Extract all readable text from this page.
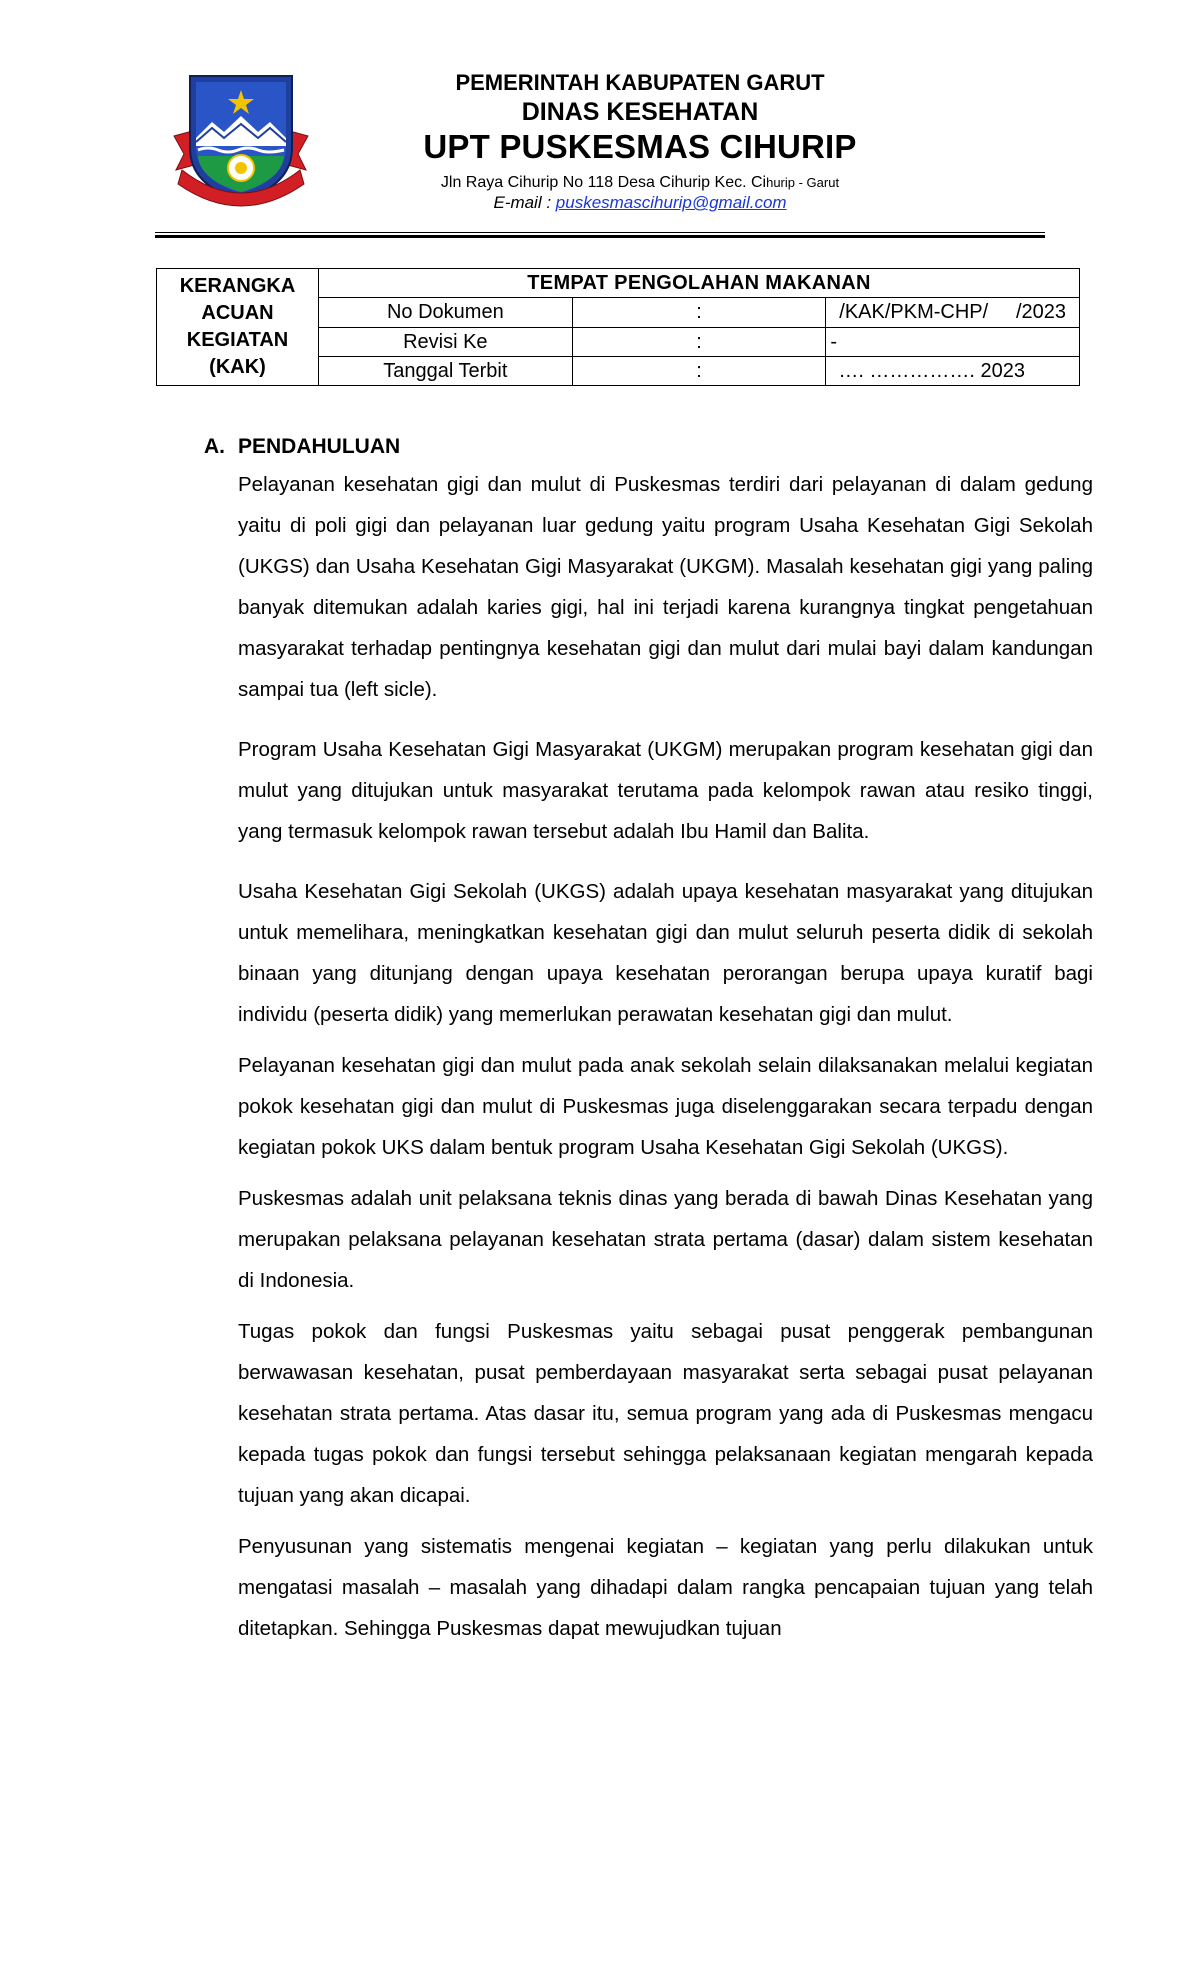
PEMERINTAH KABUPATEN GARUT
DINAS KESEHATAN
UPT PUSKESMAS CIHURIP
Jln Raya Cihurip No 118 Desa Cihurip Kec. Cihurip - Garut
E-mail : puskesmascihurip@gmail.com
KERANGKA
ACUAN
KEGIATAN
(KAK)	TEMPAT PENGOLAHAN MAKANAN		
	No Dokumen	:	/KAK/PKM-CHP/     /2023
	Revisi Ke	:	-
	Tanggal Terbit	:	…. ……………. 2023
A. PENDAHULUAN

Pelayanan kesehatan gigi dan mulut di Puskesmas terdiri dari pelayanan di dalam gedung yaitu di poli gigi dan pelayanan luar gedung yaitu program Usaha Kesehatan Gigi Sekolah (UKGS) dan Usaha Kesehatan Gigi Masyarakat (UKGM). Masalah kesehatan gigi yang paling banyak ditemukan adalah karies gigi, hal ini terjadi karena kurangnya tingkat pengetahuan masyarakat terhadap pentingnya kesehatan gigi dan mulut dari mulai bayi dalam kandungan sampai tua (left sicle).

Program Usaha Kesehatan Gigi Masyarakat (UKGM) merupakan program kesehatan gigi dan mulut yang ditujukan untuk masyarakat terutama pada kelompok rawan atau resiko tinggi, yang termasuk kelompok rawan tersebut adalah Ibu Hamil dan Balita.

Usaha Kesehatan Gigi Sekolah (UKGS) adalah upaya kesehatan masyarakat yang ditujukan untuk memelihara, meningkatkan kesehatan gigi dan mulut seluruh peserta didik di sekolah binaan yang ditunjang dengan upaya kesehatan perorangan berupa upaya kuratif bagi individu (peserta didik) yang memerlukan perawatan kesehatan gigi dan mulut.

Pelayanan kesehatan gigi dan mulut pada anak sekolah selain dilaksanakan melalui kegiatan pokok kesehatan gigi dan mulut di Puskesmas juga diselenggarakan secara terpadu dengan kegiatan pokok UKS dalam bentuk program Usaha Kesehatan Gigi Sekolah (UKGS).

Puskesmas adalah unit pelaksana teknis dinas yang berada di bawah Dinas Kesehatan yang merupakan pelaksana pelayanan kesehatan strata pertama (dasar) dalam sistem kesehatan di Indonesia.

Tugas pokok dan fungsi Puskesmas yaitu sebagai pusat penggerak pembangunan berwawasan kesehatan, pusat pemberdayaan masyarakat serta sebagai pusat pelayanan kesehatan strata pertama. Atas dasar itu, semua program yang ada di Puskesmas mengacu kepada tugas pokok dan fungsi tersebut sehingga pelaksanaan kegiatan mengarah kepada tujuan yang akan dicapai.

Penyusunan yang sistematis mengenai kegiatan – kegiatan yang perlu dilakukan untuk mengatasi masalah – masalah yang dihadapi dalam rangka pencapaian tujuan yang telah ditetapkan. Sehingga Puskesmas dapat mewujudkan tujuan
